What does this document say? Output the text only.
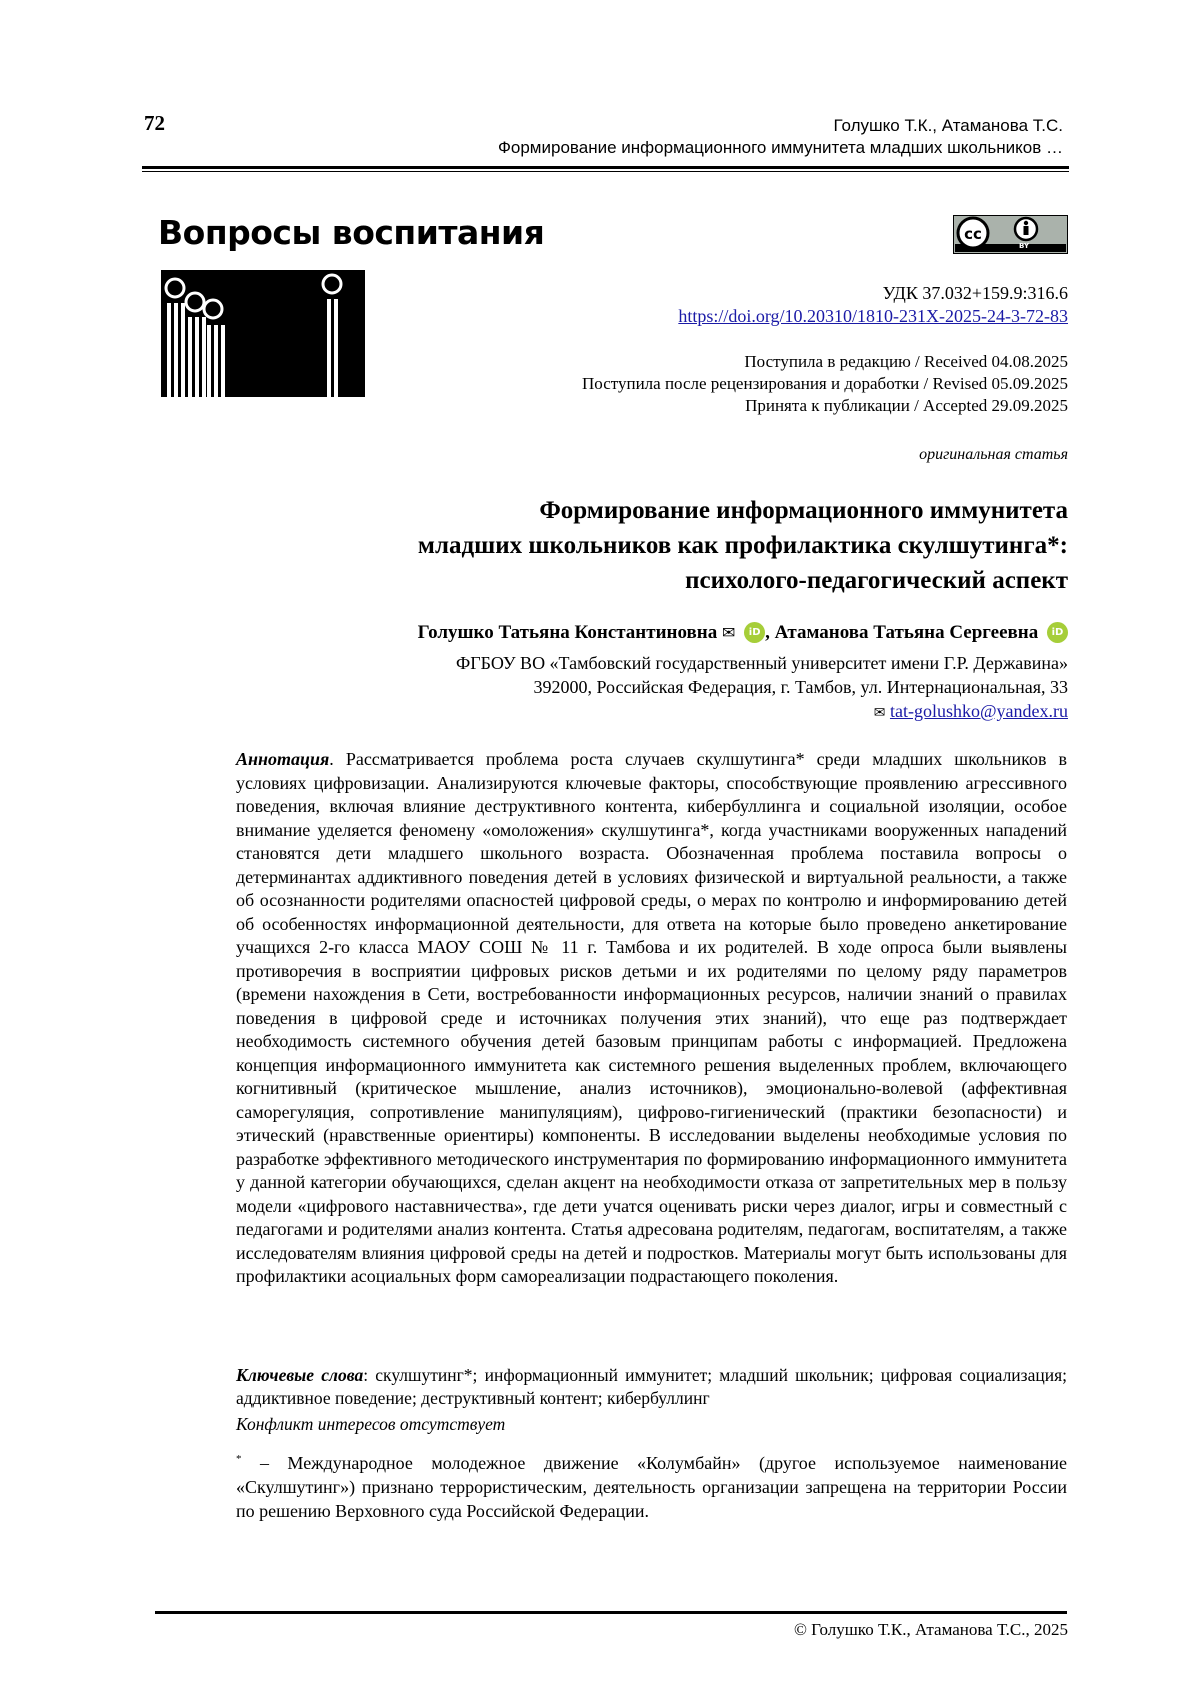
72	Голушко Т.К., Атаманова Т.С.
Формирование информационного иммунитета младших школьников …
Вопросы воспитания	cc
BY
УДК 37.032+159.9:316.6
https://doi.org/10.20310/1810-231X-2025-24-3-72-83
Поступила в редакцию / Received 04.08.2025
Поступила после рецензирования и доработки / Revised 05.09.2025
Принята к публикации / Accepted 29.09.2025
оригинальная статья
Формирование информационного иммунитета
младших школьников как профилактика скулшутинга*:
психолого-педагогический аспект
Голушко Татьяна Константиновна ✉ iD , Атаманова Татьяна Сергеевна iD
ФГБОУ ВО «Тамбовский государственный университет имени Г.Р. Державина»
392000, Российская Федерация, г. Тамбов, ул. Интернациональная, 33
✉ tat-golushko@yandex.ru
Аннотация. Рассматривается проблема роста случаев скулшутинга* среди младших школьников в условиях цифровизации. Анализируются ключевые факторы, способствующие проявлению агрессивного поведения, включая влияние деструктивного контента, кибербуллинга и социальной изоляции, особое внимание уделяется феномену «омоложения» скулшутинга*, когда участниками вооруженных нападений становятся дети младшего школьного возраста. Обозначенная проблема поставила вопросы о детерминантах аддиктивного поведения детей в условиях физической и виртуальной реальности, а также об осознанности родителями опасностей цифровой среды, о мерах по контролю и информированию детей об особенностях информационной деятельности, для ответа на которые было проведено анкетирование учащихся 2-го класса МАОУ СОШ № 11 г. Тамбова и их родителей. В ходе опроса были выявлены противоречия в восприятии цифровых рисков детьми и их родителями по целому ряду параметров (времени нахождения в Сети, востребованности информационных ресурсов, наличии знаний о правилах поведения в цифровой среде и источниках получения этих знаний), что еще раз подтверждает необходимость системного обучения детей базовым принципам работы с информацией. Предложена концепция информационного иммунитета как системного решения выделенных проблем, включающего когнитивный (критическое мышление, анализ источников), эмоционально-волевой (аффективная саморегуляция, сопротивление манипуляциям), цифрово-гигиенический (практики безопасности) и этический (нравственные ориентиры) компоненты. В исследовании выделены необходимые условия по разработке эффективного методического инструментария по формированию информационного иммунитета у данной категории обучающихся, сделан акцент на необходимости отказа от запретительных мер в пользу модели «цифрового наставничества», где дети учатся оценивать риски через диалог, игры и совместный с педагогами и родителями анализ контента. Статья адресована родителям, педагогам, воспитателям, а также исследователям влияния цифровой среды на детей и подростков. Материалы могут быть использованы для профилактики асоциальных форм самореализации подрастающего поколения.
Ключевые слова: скулшутинг*; информационный иммунитет; младший школьник; цифровая социализация; аддиктивное поведение; деструктивный контент; кибербуллинг
Конфликт интересов отсутствует
* – Международное молодежное движение «Колумбайн» (другое используемое наименование «Скулшутинг») признано террористическим, деятельность организации запрещена на территории России по решению Верховного суда Российской Федерации.
© Голушко Т.К., Атаманова Т.С., 2025
